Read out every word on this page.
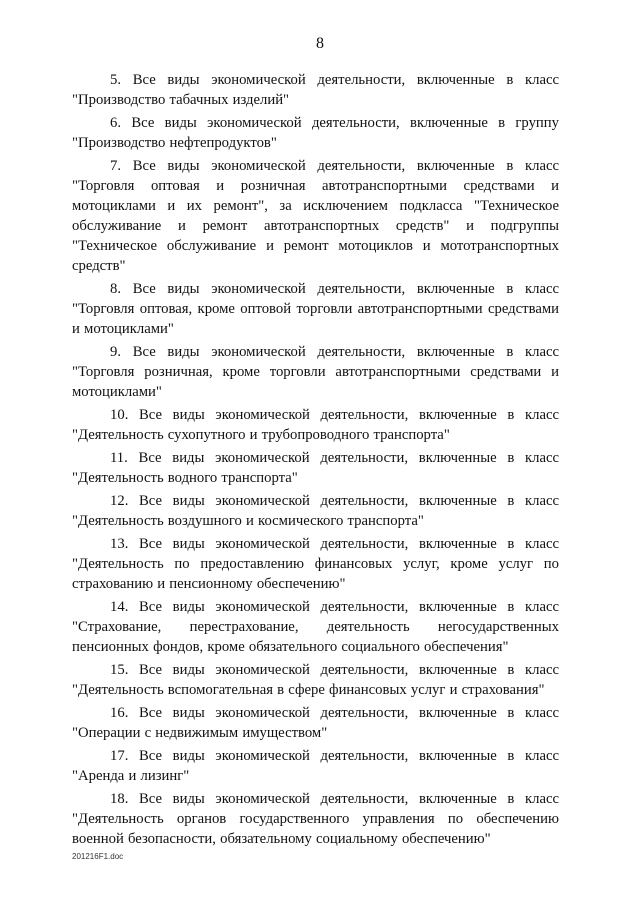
8

5. Все виды экономической деятельности, включенные в класс "Производство табачных изделий"

6. Все виды экономической деятельности, включенные в группу "Производство нефтепродуктов"

7. Все виды экономической деятельности, включенные в класс "Торговля оптовая и розничная автотранспортными средствами и мотоциклами и их ремонт", за исключением подкласса "Техническое обслуживание и ремонт автотранспортных средств" и подгруппы "Техническое обслуживание и ремонт мотоциклов и мототранспортных средств"

8. Все виды экономической деятельности, включенные в класс "Торговля оптовая, кроме оптовой торговли автотранспортными средствами и мотоциклами"

9. Все виды экономической деятельности, включенные в класс "Торговля розничная, кроме торговли автотранспортными средствами и мотоциклами"

10. Все виды экономической деятельности, включенные в класс "Деятельность сухопутного и трубопроводного транспорта"

11. Все виды экономической деятельности, включенные в класс "Деятельность водного транспорта"

12. Все виды экономической деятельности, включенные в класс "Деятельность воздушного и космического транспорта"

13. Все виды экономической деятельности, включенные в класс "Деятельность по предоставлению финансовых услуг, кроме услуг по страхованию и пенсионному обеспечению"

14. Все виды экономической деятельности, включенные в класс "Страхование, перестрахование, деятельность негосударственных пенсионных фондов, кроме обязательного социального обеспечения"

15. Все виды экономической деятельности, включенные в класс "Деятельность вспомогательная в сфере финансовых услуг и страхования"

16. Все виды экономической деятельности, включенные в класс "Операции с недвижимым имуществом"

17. Все виды экономической деятельности, включенные в класс "Аренда и лизинг"

18. Все виды экономической деятельности, включенные в класс "Деятельность органов государственного управления по обеспечению военной безопасности, обязательному социальному обеспечению"

201216F1.doc
